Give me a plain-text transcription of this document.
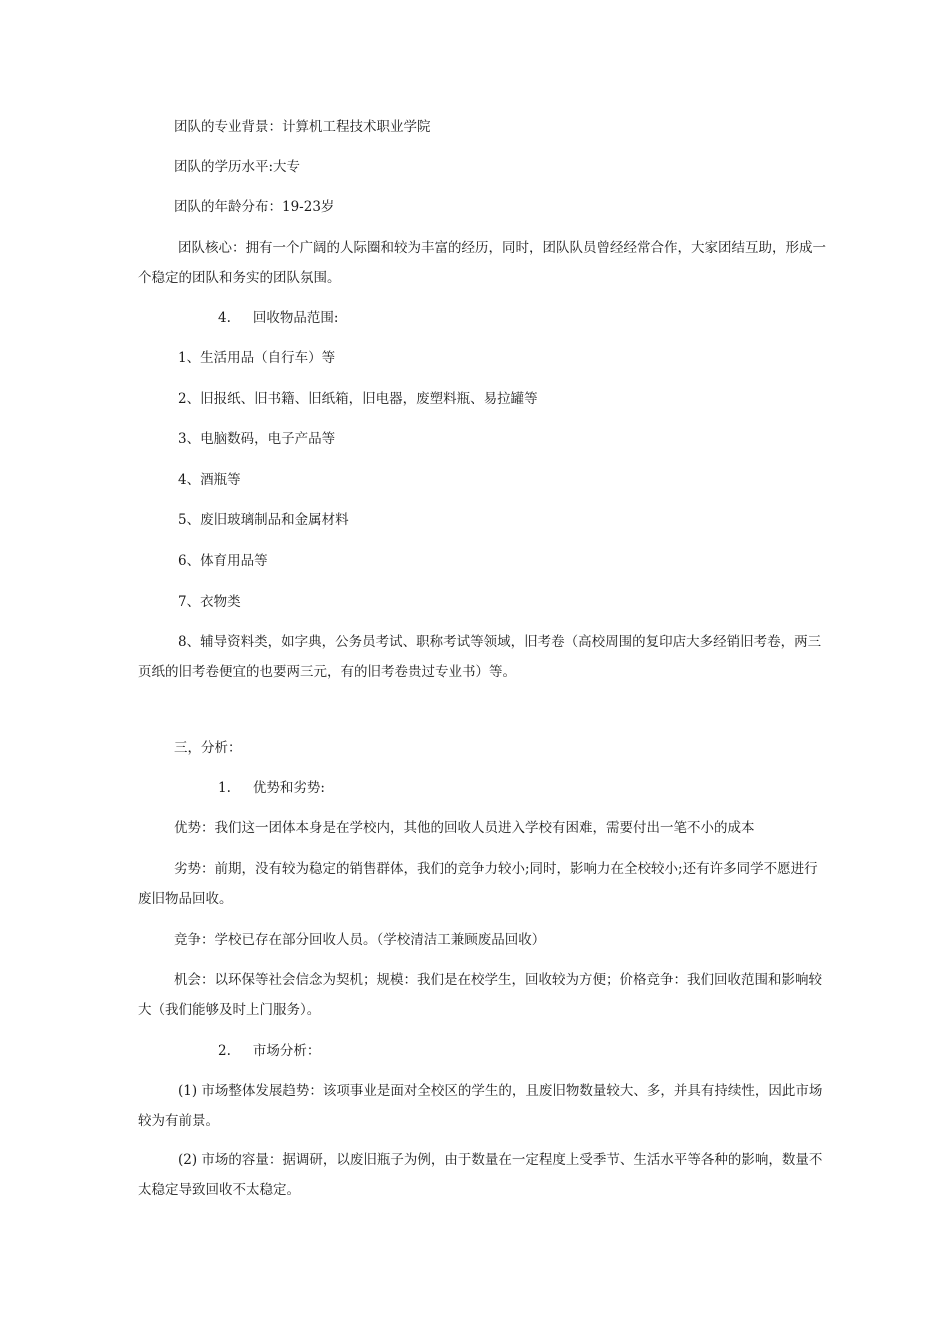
团队的专业背景：计算机工程技术职业学院
团队的学历水平:大专
团队的年龄分布：19-23岁
团队核心：拥有一个广阔的人际圈和较为丰富的经历，同时，团队队员曾经经常合作，大家团结互助，形成一个稳定的团队和务实的团队氛围。
4. 回收物品范围:
1、生活用品（自行车）等
2、旧报纸、旧书籍、旧纸箱，旧电器，废塑料瓶、易拉罐等
3、电脑数码，电子产品等
4、酒瓶等
5、废旧玻璃制品和金属材料
6、体育用品等
7、衣物类
8、辅导资料类，如字典，公务员考试、职称考试等领域，旧考卷（高校周围的复印店大多经销旧考卷，两三页纸的旧考卷便宜的也要两三元，有的旧考卷贵过专业书）等。
三，分析：
1. 优势和劣势:
优势：我们这一团体本身是在学校内，其他的回收人员进入学校有困难，需要付出一笔不小的成本
劣势：前期，没有较为稳定的销售群体，我们的竞争力较小;同时，影响力在全校较小;还有许多同学不愿进行废旧物品回收。
竞争：学校已存在部分回收人员。（学校清洁工兼顾废品回收）
机会：以环保等社会信念为契机；规模：我们是在校学生，回收较为方便；价格竞争：我们回收范围和影响较大（我们能够及时上门服务）。
2. 市场分析：
(1) 市场整体发展趋势：该项事业是面对全校区的学生的，且废旧物数量较大、多，并具有持续性，因此市场较为有前景。
(2) 市场的容量：据调研，以废旧瓶子为例，由于数量在一定程度上受季节、生活水平等各种的影响，数量不太稳定导致回收不太稳定。
